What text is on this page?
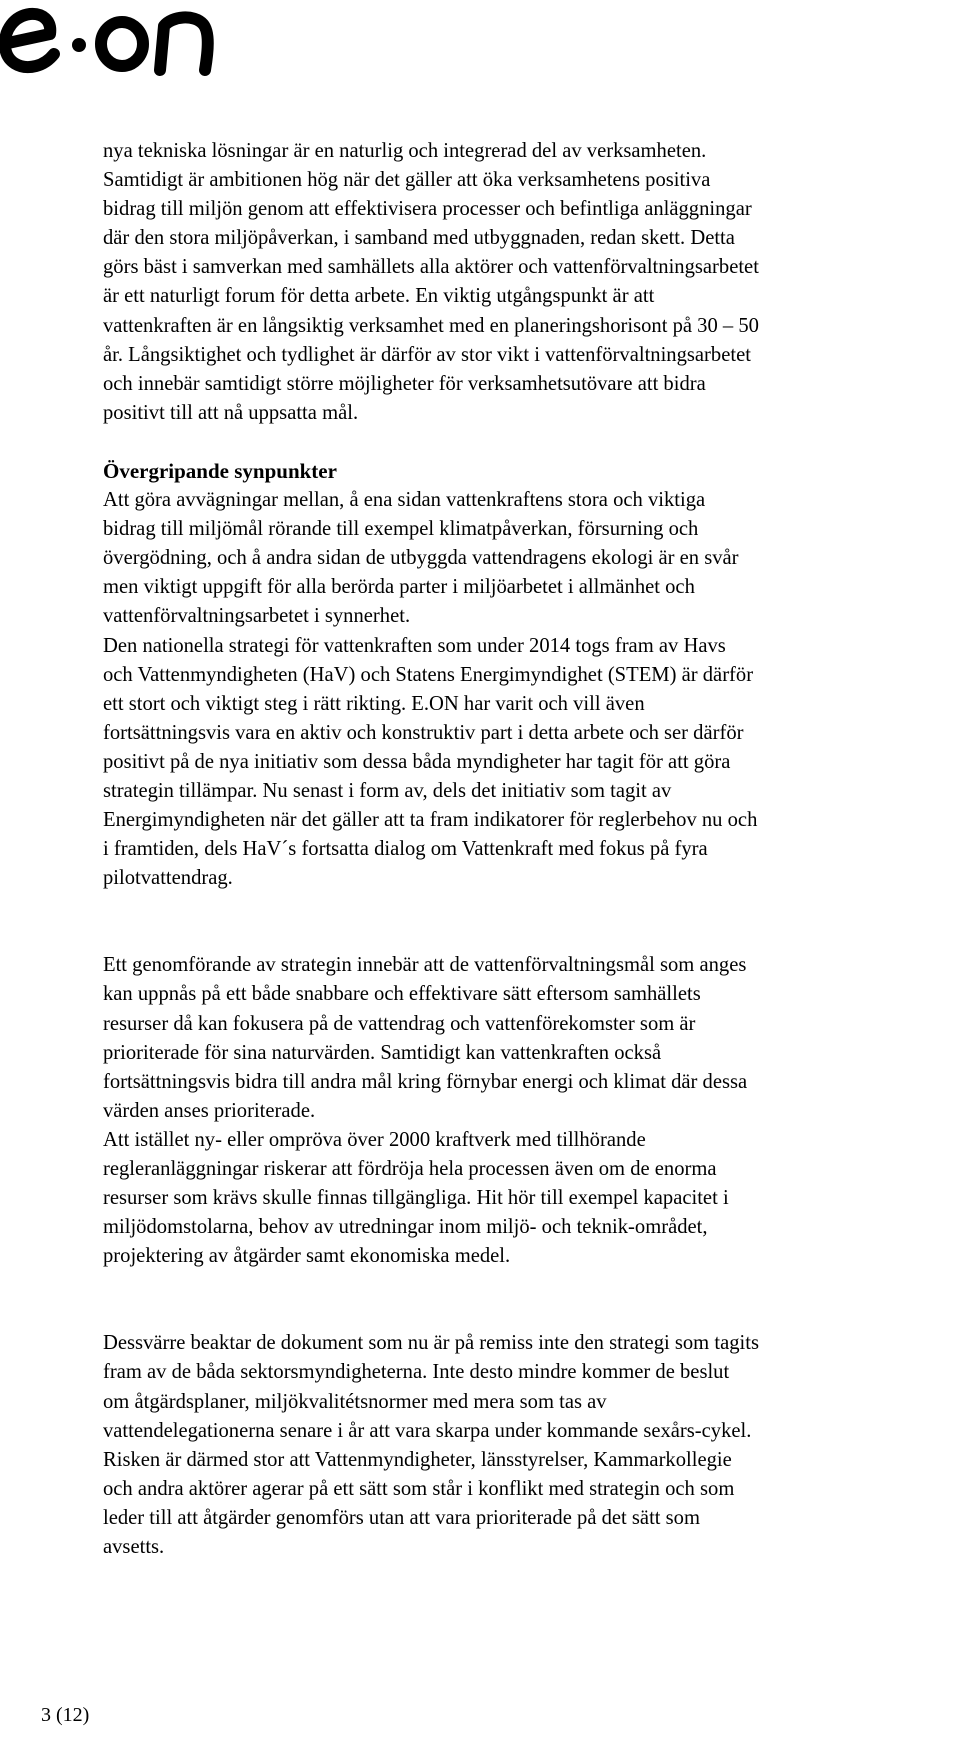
nya tekniska lösningar är en naturlig och integrerad del av verksamheten.

Samtidigt är ambitionen hög när det gäller att öka verksamhetens positiva

bidrag till miljön genom att effektivisera processer och befintliga anläggningar

där den stora miljöpåverkan, i samband med utbyggnaden, redan skett. Detta

görs bäst i samverkan med samhällets alla aktörer och vattenförvaltningsarbetet

är ett naturligt forum för detta arbete. En viktig utgångspunkt är att

vattenkraften är en långsiktig verksamhet med en planeringshorisont på 30 – 50

år. Långsiktighet och tydlighet är därför av stor vikt i vattenförvaltningsarbetet

och innebär samtidigt större möjligheter för verksamhetsutövare att bidra

positivt till att nå uppsatta mål.

Övergripande synpunkter

Att göra avvägningar mellan, å ena sidan vattenkraftens stora och viktiga

bidrag till miljömål rörande till exempel klimatpåverkan, försurning och

övergödning, och å andra sidan de utbyggda vattendragens ekologi är en svår

men viktigt uppgift för alla berörda parter i miljöarbetet i allmänhet och

vattenförvaltningsarbetet i synnerhet.

Den nationella strategi för vattenkraften som under 2014 togs fram av Havs

och Vattenmyndigheten (HaV) och Statens Energimyndighet (STEM) är därför

ett stort och viktigt steg i rätt rikting. E.ON har varit och vill även

fortsättningsvis vara en aktiv och konstruktiv part i detta arbete och ser därför

positivt på de nya initiativ som dessa båda myndigheter har tagit för att göra

strategin tillämpar. Nu senast i form av, dels det initiativ som tagit av

Energimyndigheten när det gäller att ta fram indikatorer för reglerbehov nu och

i framtiden, dels HaV´s fortsatta dialog om Vattenkraft med fokus på fyra

pilotvattendrag.

Ett genomförande av strategin innebär att de vattenförvaltningsmål som anges

kan uppnås på ett både snabbare och effektivare sätt eftersom samhällets

resurser då kan fokusera på de vattendrag och vattenförekomster som är

prioriterade för sina naturvärden. Samtidigt kan vattenkraften också

fortsättningsvis bidra till andra mål kring förnybar energi och klimat där dessa

värden anses prioriterade.

Att istället ny- eller ompröva över 2000 kraftverk med tillhörande

regleranläggningar riskerar att fördröja hela processen även om de enorma

resurser som krävs skulle finnas tillgängliga. Hit hör till exempel kapacitet i

miljödomstolarna, behov av utredningar inom miljö- och teknik-området,

projektering av åtgärder samt ekonomiska medel.

Dessvärre beaktar de dokument som nu är på remiss inte den strategi som tagits

fram av de båda sektorsmyndigheterna. Inte desto mindre kommer de beslut

om åtgärdsplaner, miljökvalitétsnormer med mera som tas av

vattendelegationerna senare i år att vara skarpa under kommande sexårs-cykel.

Risken är därmed stor att Vattenmyndigheter, länsstyrelser, Kammarkollegie

och andra aktörer agerar på ett sätt som står i konflikt med strategin och som

leder till att åtgärder genomförs utan att vara prioriterade på det sätt som

avsetts.

3 (12)
